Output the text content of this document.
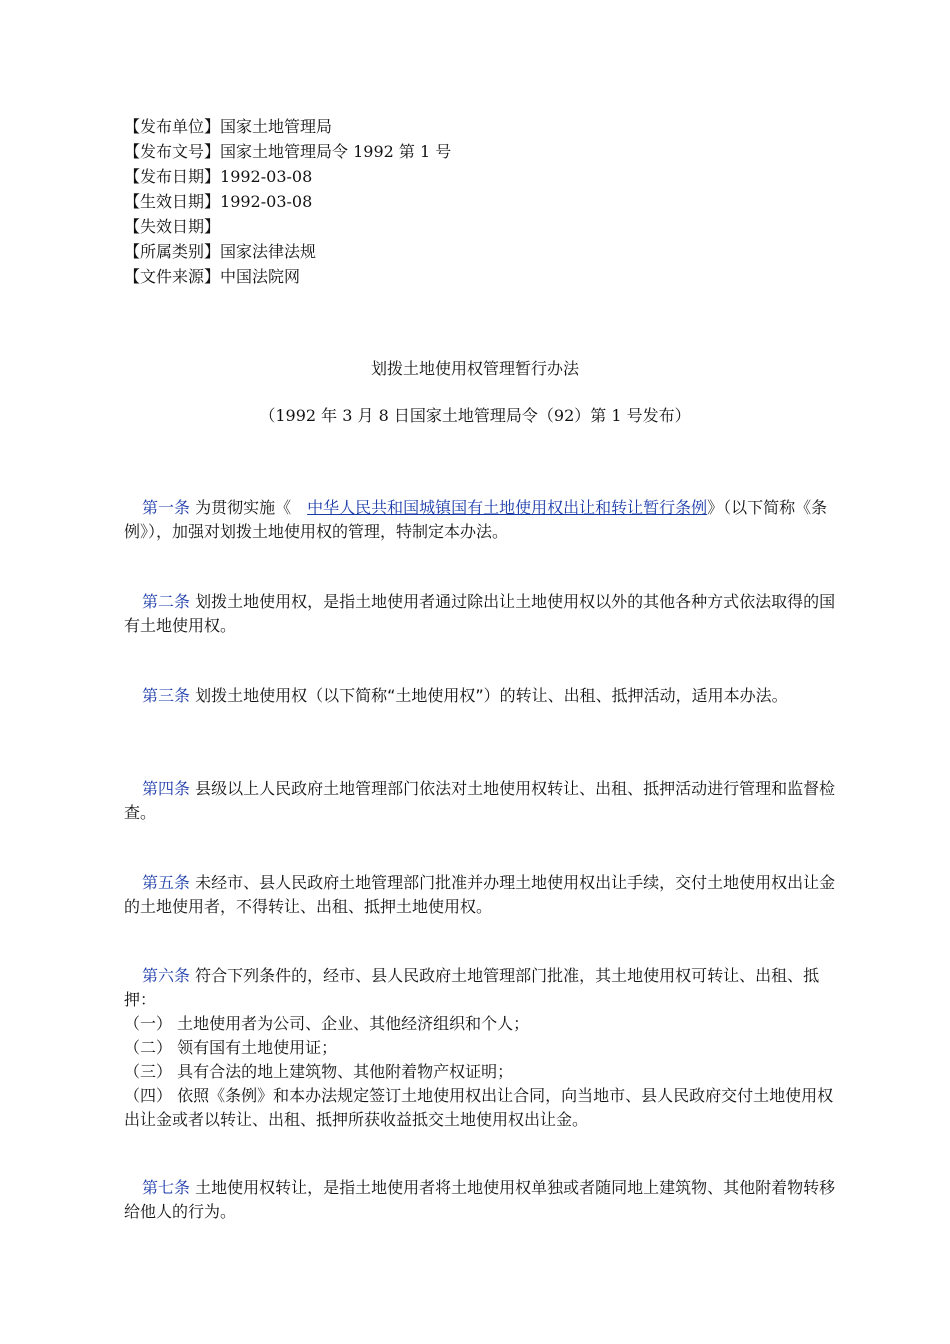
【发布单位】国家土地管理局
【发布文号】国家土地管理局令 1992 第 1 号
【发布日期】1992-03-08
【生效日期】1992-03-08
【失效日期】
【所属类别】国家法律法规
【文件来源】中国法院网
划拨土地使用权管理暂行办法
（1992 年 3 月 8 日国家土地管理局令（92）第 1 号发布）
第一条 为贯彻实施《　中华人民共和国城镇国有土地使用权出让和转让暂行条例》（以下简称《条例》），加强对划拨土地使用权的管理，特制定本办法。
第二条 划拨土地使用权，是指土地使用者通过除出让土地使用权以外的其他各种方式依法取得的国有土地使用权。
第三条 划拨土地使用权（以下简称“土地使用权”）的转让、出租、抵押活动，适用本办法。
第四条 县级以上人民政府土地管理部门依法对土地使用权转让、出租、抵押活动进行管理和监督检查。
第五条 未经市、县人民政府土地管理部门批准并办理土地使用权出让手续，交付土地使用权出让金的土地使用者，不得转让、出租、抵押土地使用权。
第六条 符合下列条件的，经市、县人民政府土地管理部门批准，其土地使用权可转让、出租、抵押：
（一） 土地使用者为公司、企业、其他经济组织和个人；
（二） 领有国有土地使用证；
（三） 具有合法的地上建筑物、其他附着物产权证明；
（四） 依照《条例》和本办法规定签订土地使用权出让合同，向当地市、县人民政府交付土地使用权出让金或者以转让、出租、抵押所获收益抵交土地使用权出让金。
第七条 土地使用权转让，是指土地使用者将土地使用权单独或者随同地上建筑物、其他附着物转移给他人的行为。
